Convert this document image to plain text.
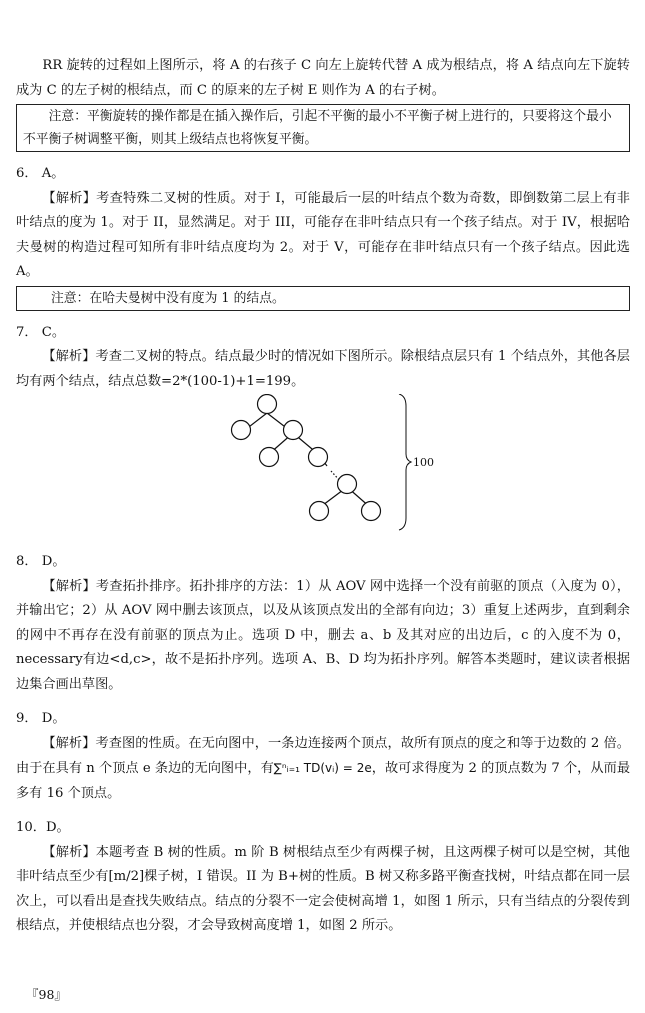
RR 旋转的过程如上图所示，将 A 的右孩子 C 向左上旋转代替 A 成为根结点，将 A 结点向左下旋转成为 C 的左子树的根结点，而 C 的原来的左子树 E 则作为 A 的右子树。

注意：平衡旋转的操作都是在插入操作后，引起不平衡的最小不平衡子树上进行的，只要将这个最小不平衡子树调整平衡，则其上级结点也将恢复平衡。

6． A。

【解析】考查特殊二叉树的性质。对于 I，可能最后一层的叶结点个数为奇数，即倒数第二层上有非叶结点的度为 1。对于 II，显然满足。对于 III，可能存在非叶结点只有一个孩子结点。对于 IV，根据哈夫曼树的构造过程可知所有非叶结点度均为 2。对于 V，可能存在非叶结点只有一个孩子结点。因此选 A。

注意：在哈夫曼树中没有度为 1 的结点。

7． C。

【解析】考查二叉树的特点。结点最少时的情况如下图所示。除根结点层只有 1 个结点外，其他各层均有两个结点，结点总数=2*(100-1)+1=199。

100

8． D。

【解析】考查拓扑排序。拓扑排序的方法：1）从 AOV 网中选择一个没有前驱的顶点（入度为 0），并输出它；2）从 AOV 网中删去该顶点，以及从该顶点发出的全部有向边；3）重复上述两步，直到剩余的网中不再存在没有前驱的顶点为止。选项 D 中，删去 a、b 及其对应的出边后，c 的入度不为 0，necessary有边<d,c>，故不是拓扑序列。选项 A、B、D 均为拓扑序列。解答本类题时，建议读者根据边集合画出草图。

9． D。

【解析】考查图的性质。在无向图中，一条边连接两个顶点，故所有顶点的度之和等于边数的 2 倍。由于在具有 n 个顶点 e 条边的无向图中，有∑ⁿᵢ₌₁ TD(vᵢ) = 2e，故可求得度为 2 的顶点数为 7 个，从而最多有 16 个顶点。

10．D。

【解析】本题考查 B 树的性质。m 阶 B 树根结点至少有两棵子树，且这两棵子树可以是空树，其他非叶结点至少有[m/2]棵子树，I 错误。II 为 B+树的性质。B 树又称多路平衡查找树，叶结点都在同一层次上，可以看出是查找失败结点。结点的分裂不一定会使树高增 1，如图 1 所示，只有当结点的分裂传到根结点，并使根结点也分裂，才会导致树高度增 1，如图 2 所示。

『98』
